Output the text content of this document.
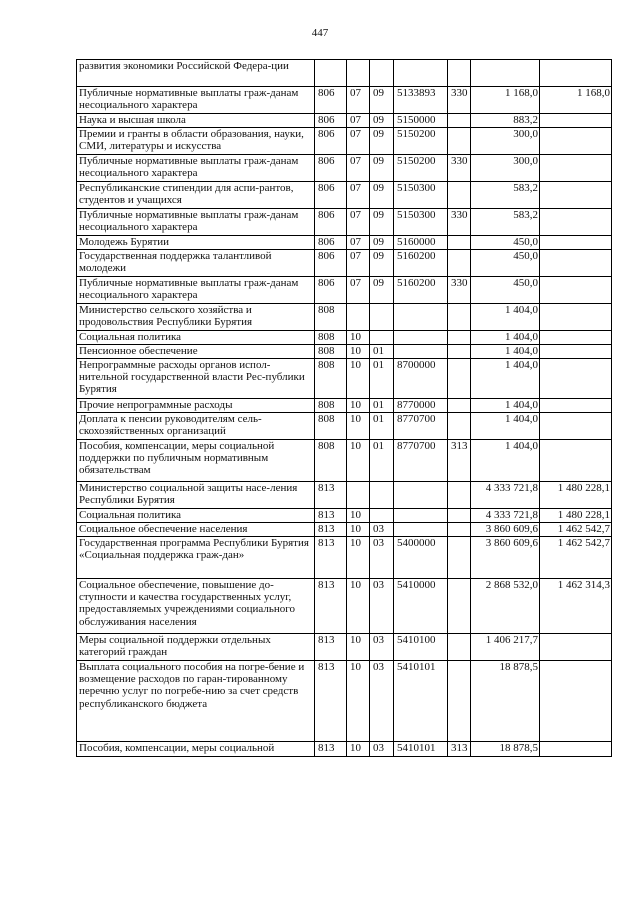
447
развития экономики Российской Федера-ции							
Публичные нормативные выплаты граж-данам несоциального характера	806	07	09	5133893	330	1 168,0	1 168,0
Наука и высшая школа	806	07	09	5150000		883,2	
Премии и гранты в области образования, науки, СМИ, литературы и искусства	806	07	09	5150200		300,0	
Публичные нормативные выплаты граж-данам несоциального характера	806	07	09	5150200	330	300,0	
Республиканские стипендии для аспи-рантов, студентов и учащихся	806	07	09	5150300		583,2	
Публичные нормативные выплаты граж-данам несоциального характера	806	07	09	5150300	330	583,2	
Молодежь Бурятии	806	07	09	5160000		450,0	
Государственная поддержка талантливой молодежи	806	07	09	5160200		450,0	
Публичные нормативные выплаты граж-данам несоциального характера	806	07	09	5160200	330	450,0	
Министерство сельского хозяйства и продовольствия Республики Бурятия	808					1 404,0	
Социальная политика	808	10				1 404,0	
Пенсионное обеспечение	808	10	01			1 404,0	
Непрограммные расходы органов испол-нительной государственной власти Рес-публики Бурятия	808	10	01	8700000		1 404,0	
Прочие непрограммные расходы	808	10	01	8770000		1 404,0	
Доплата к пенсии руководителям сель-скохозяйственных организаций	808	10	01	8770700		1 404,0	
Пособия, компенсации, меры социальной поддержки по публичным нормативным обязательствам	808	10	01	8770700	313	1 404,0	
Министерство социальной защиты насе-ления Республики Бурятия	813					4 333 721,8	1 480 228,1
Социальная политика	813	10				4 333 721,8	1 480 228,1
Социальное обеспечение населения	813	10	03			3 860 609,6	1 462 542,7
Государственная программа Республики Бурятия «Социальная поддержка граж-дан»	813	10	03	5400000		3 860 609,6	1 462 542,7
Социальное обеспечение, повышение до-ступности и качества государственных услуг, предоставляемых учреждениями социального обслуживания населения	813	10	03	5410000		2 868 532,0	1 462 314,3
Меры социальной поддержки отдельных категорий граждан	813	10	03	5410100		1 406 217,7	
Выплата социального пособия на погре-бение и возмещение расходов по гаран-тированному перечню услуг по погребе-нию за счет средств республиканского бюджета	813	10	03	5410101		18 878,5	
Пособия, компенсации, меры социальной	813	10	03	5410101	313	18 878,5	
